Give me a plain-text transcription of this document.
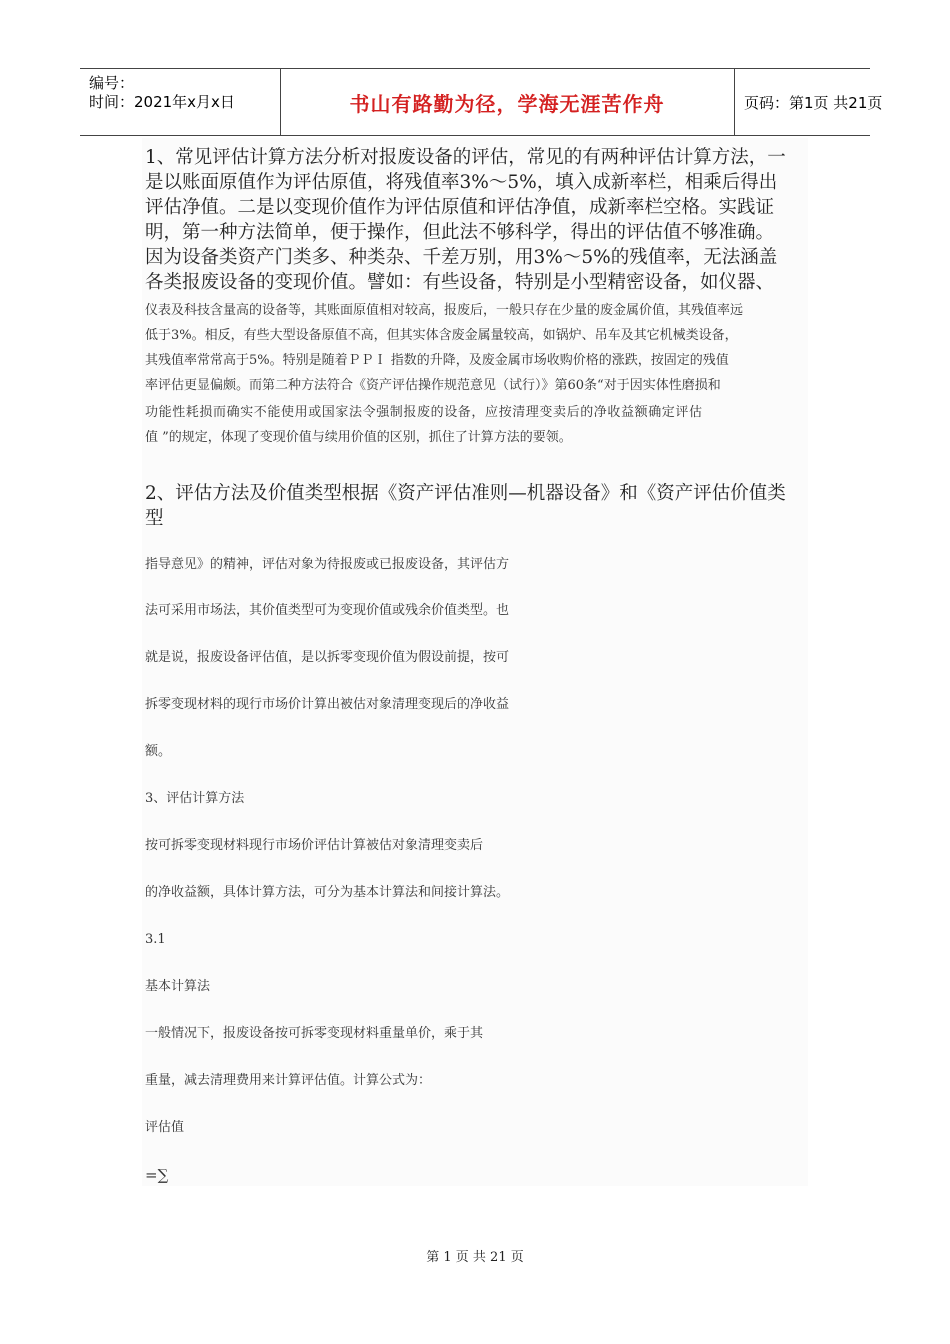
编号：
时间：2021年x月x日	书山有路勤为径，学海无涯苦作舟	页码：第1页 共21页
1、常见评估计算方法分析对报废设备的评估，常见的有两种评估计算方法，一
是以账面原值作为评估原值，将残值率3%～5%，填入成新率栏，相乘后得出
评估净值。二是以变现价值作为评估原值和评估净值，成新率栏空格。实践证
明，第一种方法简单，便于操作，但此法不够科学，得出的评估值不够准确。
因为设备类资产门类多、种类杂、千差万别，用3%～5%的残值率，无法涵盖
各类报废设备的变现价值。譬如：有些设备，特别是小型精密设备，如仪器、
仪表及科技含量高的设备等，其账面原值相对较高，报废后，一般只存在少量的废金属价值，其残值率远
低于3%。相反，有些大型设备原值不高，但其实体含废金属量较高，如锅炉、吊车及其它机械类设备，
其残值率常常高于5%。特别是随着ＰＰＩ 指数的升降，及废金属市场收购价格的涨跌，按固定的残值
率评估更显偏颇。而第二种方法符合《资产评估操作规范意见（试行）》第60条“对于因实体性磨损和
功能性耗损而确实不能使用或国家法令强制报废的设备，应按清理变卖后的净收益额确定评估
值 ”的规定，体现了变现价值与续用价值的区别，抓住了计算方法的要领。
2、评估方法及价值类型根据《资产评估准则—机器设备》和《资产评估价值类
型
指导意见》的精神，评估对象为待报废或已报废设备，其评估方
法可采用市场法，其价值类型可为变现价值或残余价值类型。也
就是说，报废设备评估值，是以拆零变现价值为假设前提，按可
拆零变现材料的现行市场价计算出被估对象清理变现后的净收益
额。
3、评估计算方法
按可拆零变现材料现行市场价评估计算被估对象清理变卖后
的净收益额，具体计算方法，可分为基本计算法和间接计算法。
3.1
基本计算法
一般情况下，报废设备按可拆零变现材料重量单价，乘于其
重量，减去清理费用来计算评估值。计算公式为：
评估值
=∑
第 1 页 共 21 页
